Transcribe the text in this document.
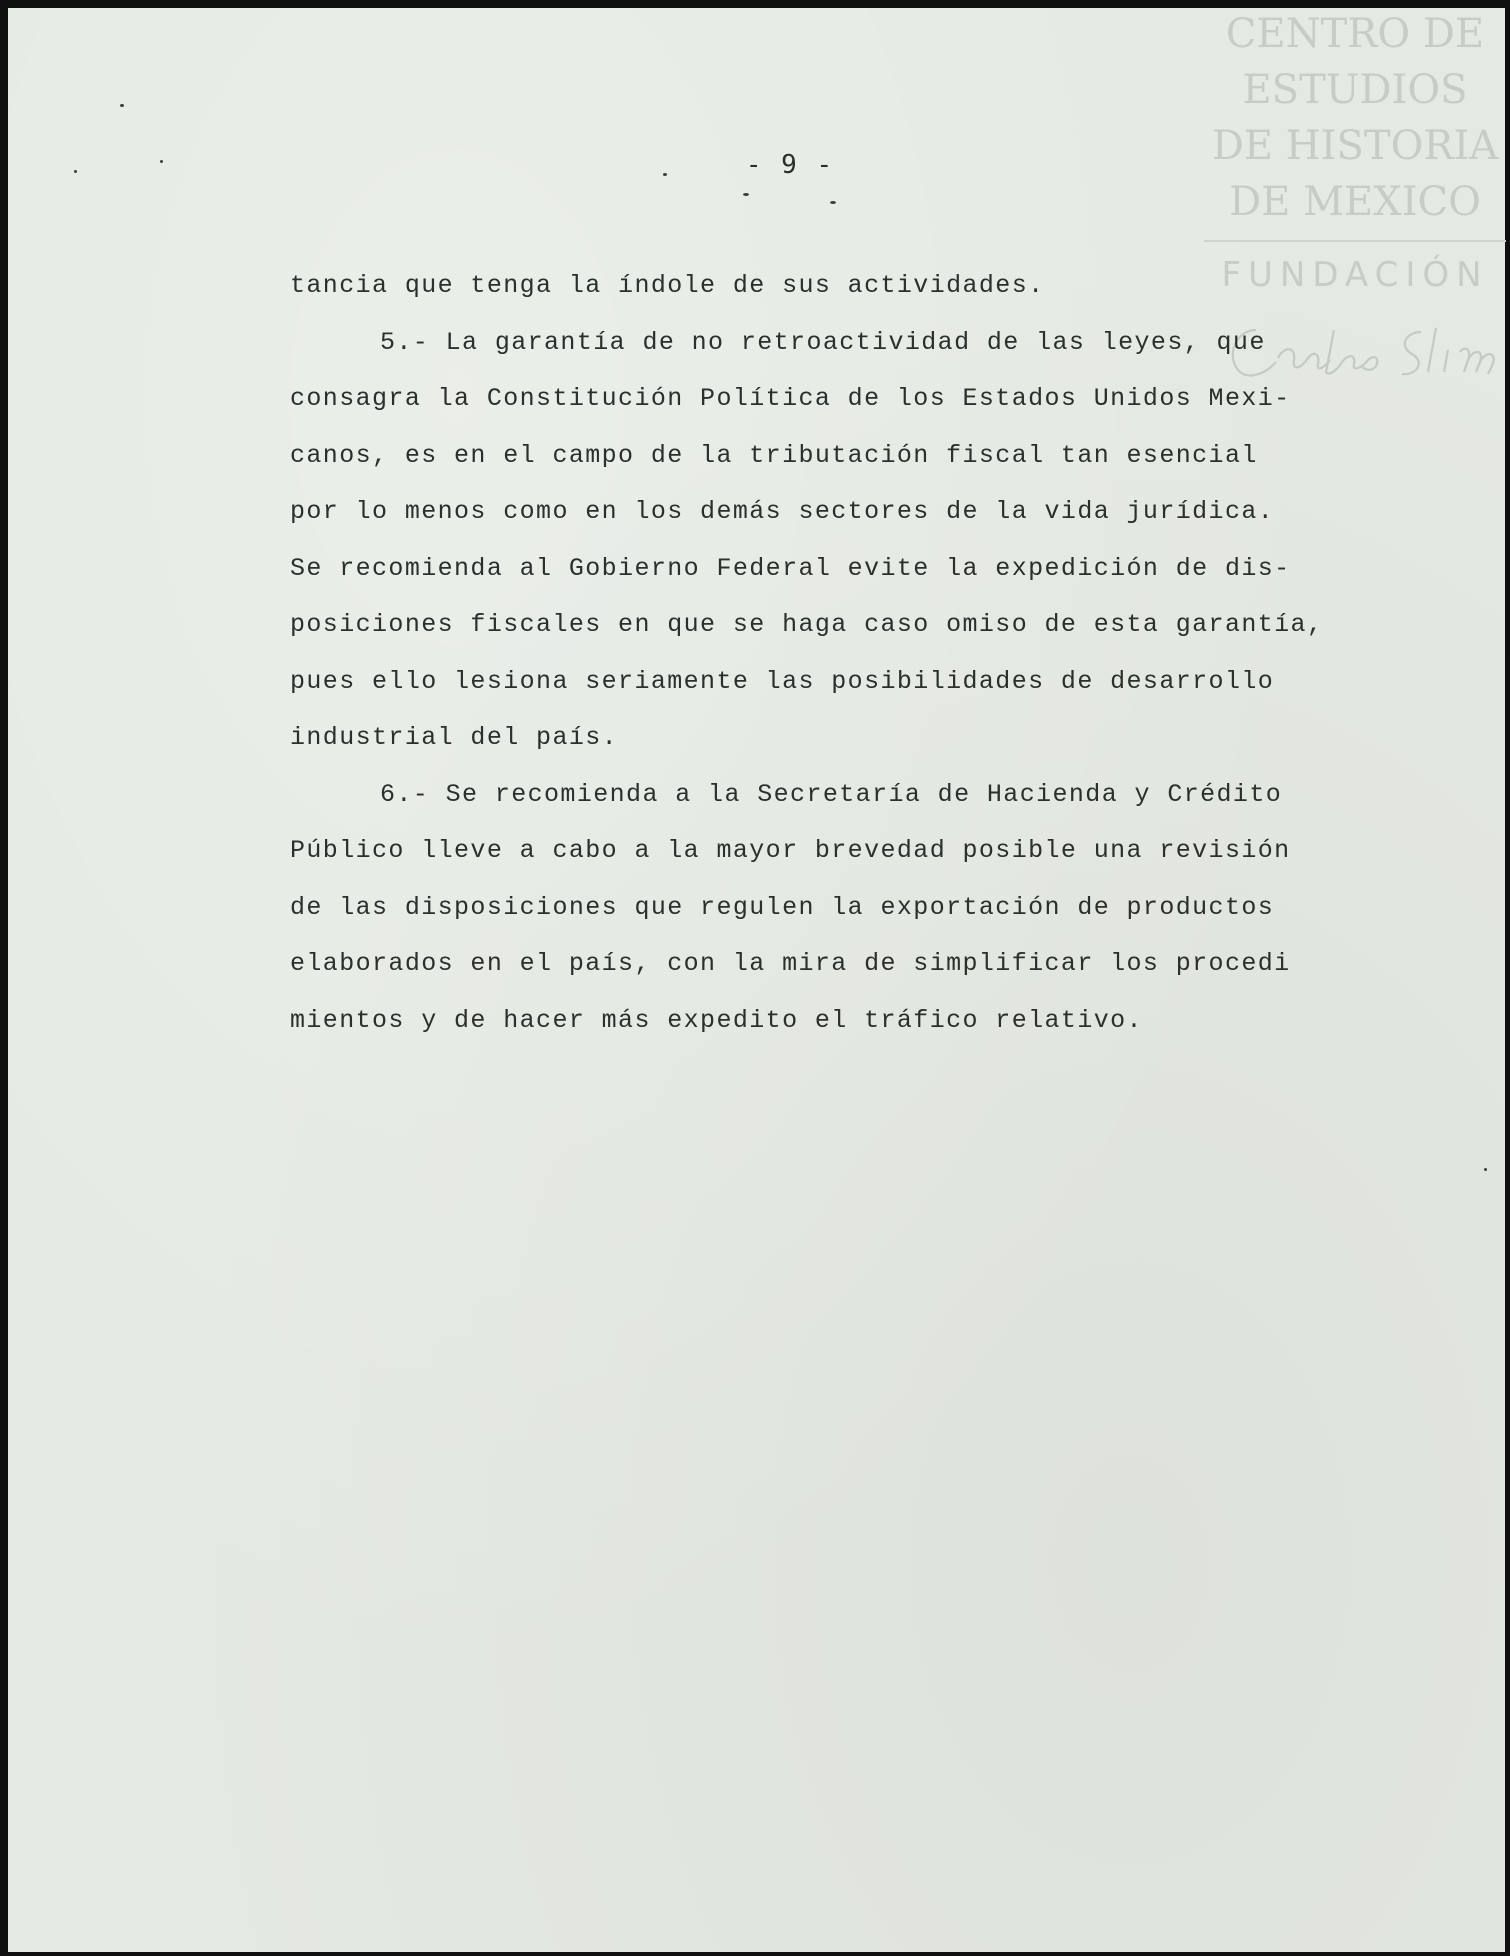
- 9 -
CENTRO DE
ESTUDIOS
DE HISTORIA
DE MEXICO
FUNDACIÓN
tancia que tenga la índole de sus actividades.
5.- La garantía de no retroactividad de las leyes, que
consagra la Constitución Política de los Estados Unidos Mexi-
canos, es en el campo de la tributación fiscal tan esencial
por lo menos como en los demás sectores de la vida jurídica.
Se recomienda al Gobierno Federal evite la expedición de dis-
posiciones fiscales en que se haga caso omiso de esta garantía,
pues ello lesiona seriamente las posibilidades de desarrollo
industrial del país.
6.- Se recomienda a la Secretaría de Hacienda y Crédito
Público lleve a cabo a la mayor brevedad posible una revisión
de las disposiciones que regulen la exportación de productos
elaborados en el país, con la mira de simplificar los procedi
mientos y de hacer más expedito el tráfico relativo.
